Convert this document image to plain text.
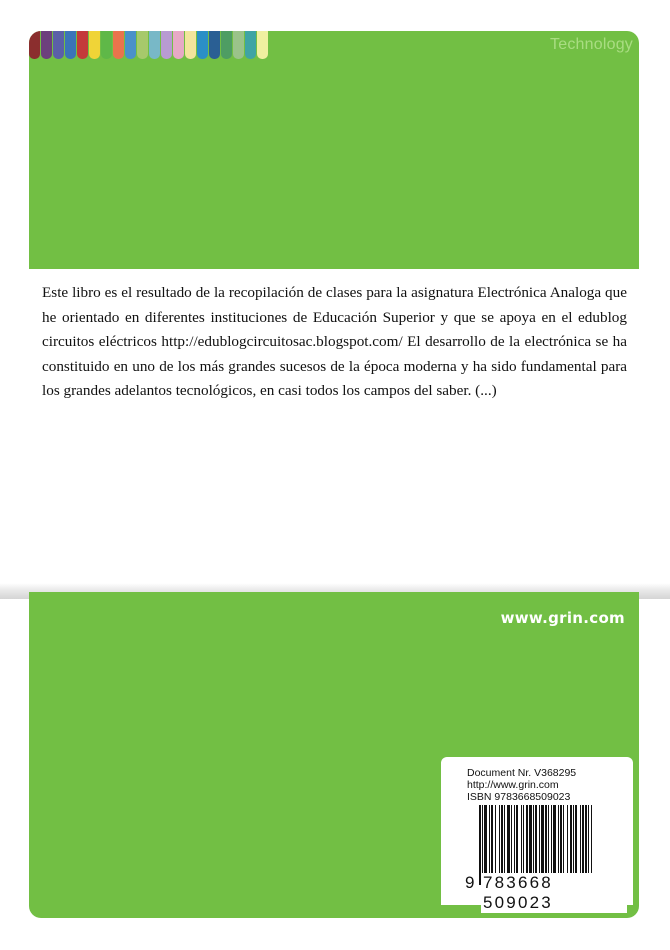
Technology

Este libro es el resultado de la recopilación de clases para la asignatura Electrónica Analoga que he orientado en diferentes instituciones de Educación Superior y que se apoya en el edublog circuitos eléctricos http://edublogcircuitosac.blogspot.com/ El desarrollo de la electrónica se ha constituido en uno de los más grandes sucesos de la época moderna y ha sido fundamental para los grandes adelantos tecnológicos, en casi todos los campos del saber. (...)

www.grin.com
Document Nr. V368295
http://www.grin.com
ISBN 9783668509023
9 783668 509023
